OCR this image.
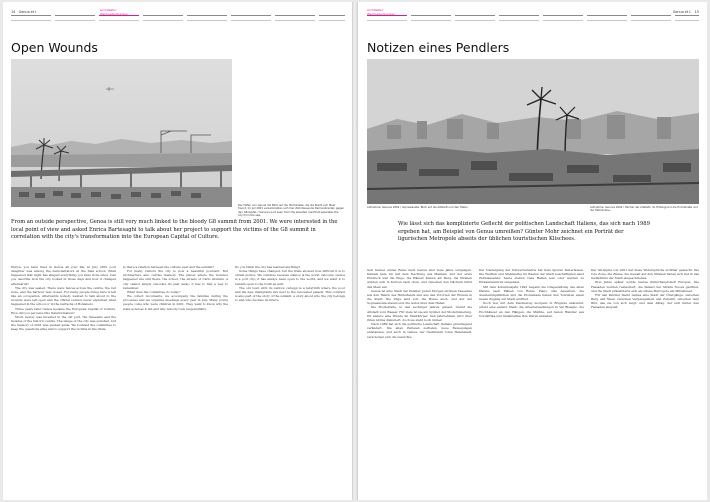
14 Genua et I.	Architektur
Wechselwirkungen
Open Wounds
Der Hafen von Genua mit Blick auf die Hochstraße, die die Stadt vom Meer trennt. Im Juli 2001 versammelten sich hier Zehntausende Demonstranten gegen den G8-Gipfel. / Genoa's port seen from the elevated road that separates the city from the sea.

From an outside perspective, Genoa is still very much linked to the bloody G8 summit from 2001. We were interested in the local point of view and asked Enrica Bartesaghi to talk about her project to support the victims of the G8 summit in correlation with the city's transformation into the European Capital of Culture.

Enrica, you have lived in Genoa all your life. In July 2001 your daughter was among the demonstrators at the Diaz school. What happened that night has shaped everything you have done since. Can you describe how the city looked in those days and how it changed afterwards?

The city was sealed. There were fences across the centre, the red zone, and the harbour was closed. For many people living here it felt like an occupation. Afterwards nobody wanted to talk about it; the wounds were left open and the official version never explained what happened in the school or in the barracks of Bolzaneto.

Three years later Genoa became the European Capital of Culture. How did you perceive this transformation?

Much money was invested in the old port, the museums and the facades of the historic centre. The image of the city was polished, but the memory of 2001 was pushed aside. We founded the committee to keep the questions alive and to support the victims in the trials.

Is there a relation between the culture year and the summit?

For many visitors the city is now a beautiful postcard. But architecture also carries memory. The places where the violence happened are still there, the school, the streets of Carlo Giuliani. A city cannot simply renovate its past away; it has to find a way to remember.

What does the committee do today?

We collect documents, we accompany the families during the processes and we organise meetings every year in July. Many young people come who were children in 2001. They want to know why the state acted as it did and why nobody took responsibility.

Do you think the city has learned anything?

Some things have changed, but the trials showed how difficult it is to obtain justice. We continue because silence is the worst outcome. Genoa is a port city; it has always been open to the world, and we want it to remain open to the truth as well.

The old town with its narrow caruggi is a labyrinth where the poor and the new immigrants live next to the renovated palazzi. This contrast is also part of the story of the summit, a story about who the city belongs to and who decides its future.

Architektur
Wechselwirkungen	Genua et I. 15
Notizen eines Pendlers
Aufnahme: Genova 2004 / Sopraelevata, Blick auf die Altstadt und den Hafen.	Aufnahme: Genova 2004 / Dächer der Altstadt, im Hintergrund die Hochstraße und die Hafenkräne.

Wie lässt sich das komplizierte Geflecht der politischen Landschaft Italiens, das sich nach 1989 ergeben hat, am Beispiel von Genua umreißen? Günter Mohr zeichnet ein Porträt der ligurischen Metropole abseits der üblichen touristischen Klischees.

Seit meiner ersten Reise nach Genua sind viele Jahre vergangen. Damals kam ich mit dem Nachtzug aus Mailand, und der erste Eindruck war die Enge: die Häuser kleben am Berg, die Straßen winden sich in Kurven nach oben, und zwischen den Dächern blitzt das Meer auf.

Genua ist eine Stadt der Pendler. Jeden Morgen strömen Tausende aus den Tälern des Hinterlands und aus den Vororten der Riviera in die Stadt. Die Züge sind voll, die Busse auch, und auf der Sopraelevata stauen sich die Autos über dem Hafen.

Die Hochstraße, in den sechziger Jahren gebaut, trennt die Altstadt vom Wasser. Für viele ist sie ein Symbol der Modernisierung, für andere eine Wunde im Stadtkörper. Seit Jahrzehnten wird über ihren Abriss diskutiert, doch sie steht noch immer.

Nach 1989 hat sich die politische Landschaft Italiens grundlegend verändert. Die alten Parteien zerfielen, neue Bewegungen entstanden, und auch in Genua, der traditionell roten Hafenstadt, verschoben sich die Gewichte.

Der Niedergang der Schwerindustrie hat tiefe Spuren hinterlassen. Die Werften und Stahlwerke im Westen der Stadt beschäftigten einst Zehntausende; heute stehen viele Hallen leer oder werden zu Einkaufszentren umgebaut.

Mit dem Kolumbusjahr 1992 begann die Umgestaltung des alten Hafens nach Plänen von Renzo Piano. Das Aquarium, die Ausstellungsflächen und die Promenade haben den Touristen einen neuen Zugang zur Stadt eröffnet.

Doch wer mit dem Pendlerzug morgens in Brignole ankommt, erlebt eine andere Stadt: die Arbeitersiedlungen in Val Bisagno, die Hochhäuser an den Hängen, die Märkte, auf denen Händler aus Nordafrika und Südamerika ihre Waren anbieten.

Der G8-Gipfel von 2001 hat diese Widersprüche sichtbar gemacht. Die rote Zone, die Zäune, die Gewalt auf den Straßen haben sich tief in das Gedächtnis der Stadt eingeschrieben.

Drei Jahre später wurde Genua Kulturhauptstadt Europas. Die Fassaden wurden restauriert, die Palazzi der Strada Nuova geöffnet, und die Stadt präsentierte sich als offene Metropole am Mittelmeer.

Für den Pendler bleibt Genua eine Stadt der Übergänge: zwischen Berg und Meer, zwischen Vergangenheit und Zukunft, zwischen dem Bild, das sie von sich zeigt, und dem Alltag, der sich hinter den Fassaden abspielt.
